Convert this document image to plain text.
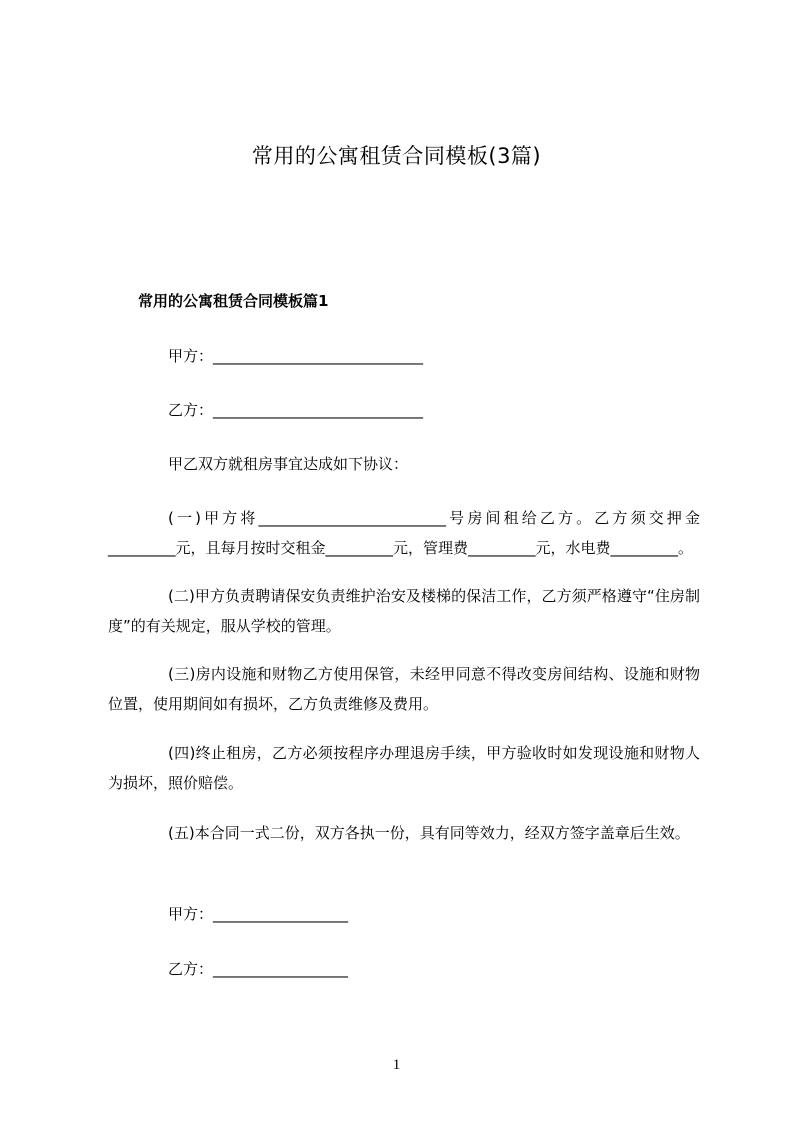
常用的公寓租赁合同模板(3篇)
常用的公寓租赁合同模板篇1
甲方：____________________________
乙方：____________________________
甲乙双方就租房事宜达成如下协议：
(一)甲方将_________________________号房间租给乙方。乙方须交押金_________元，且每月按时交租金_________元，管理费_________元，水电费_________。
(二)甲方负责聘请保安负责维护治安及楼梯的保洁工作，乙方须严格遵守“住房制度”的有关规定，服从学校的管理。
(三)房内设施和财物乙方使用保管，未经甲同意不得改变房间结构、设施和财物位置，使用期间如有损坏，乙方负责维修及费用。
(四)终止租房，乙方必须按程序办理退房手续，甲方验收时如发现设施和财物人为损坏，照价赔偿。
(五)本合同一式二份，双方各执一份，具有同等效力，经双方签字盖章后生效。
甲方：__________________
乙方：__________________
1
